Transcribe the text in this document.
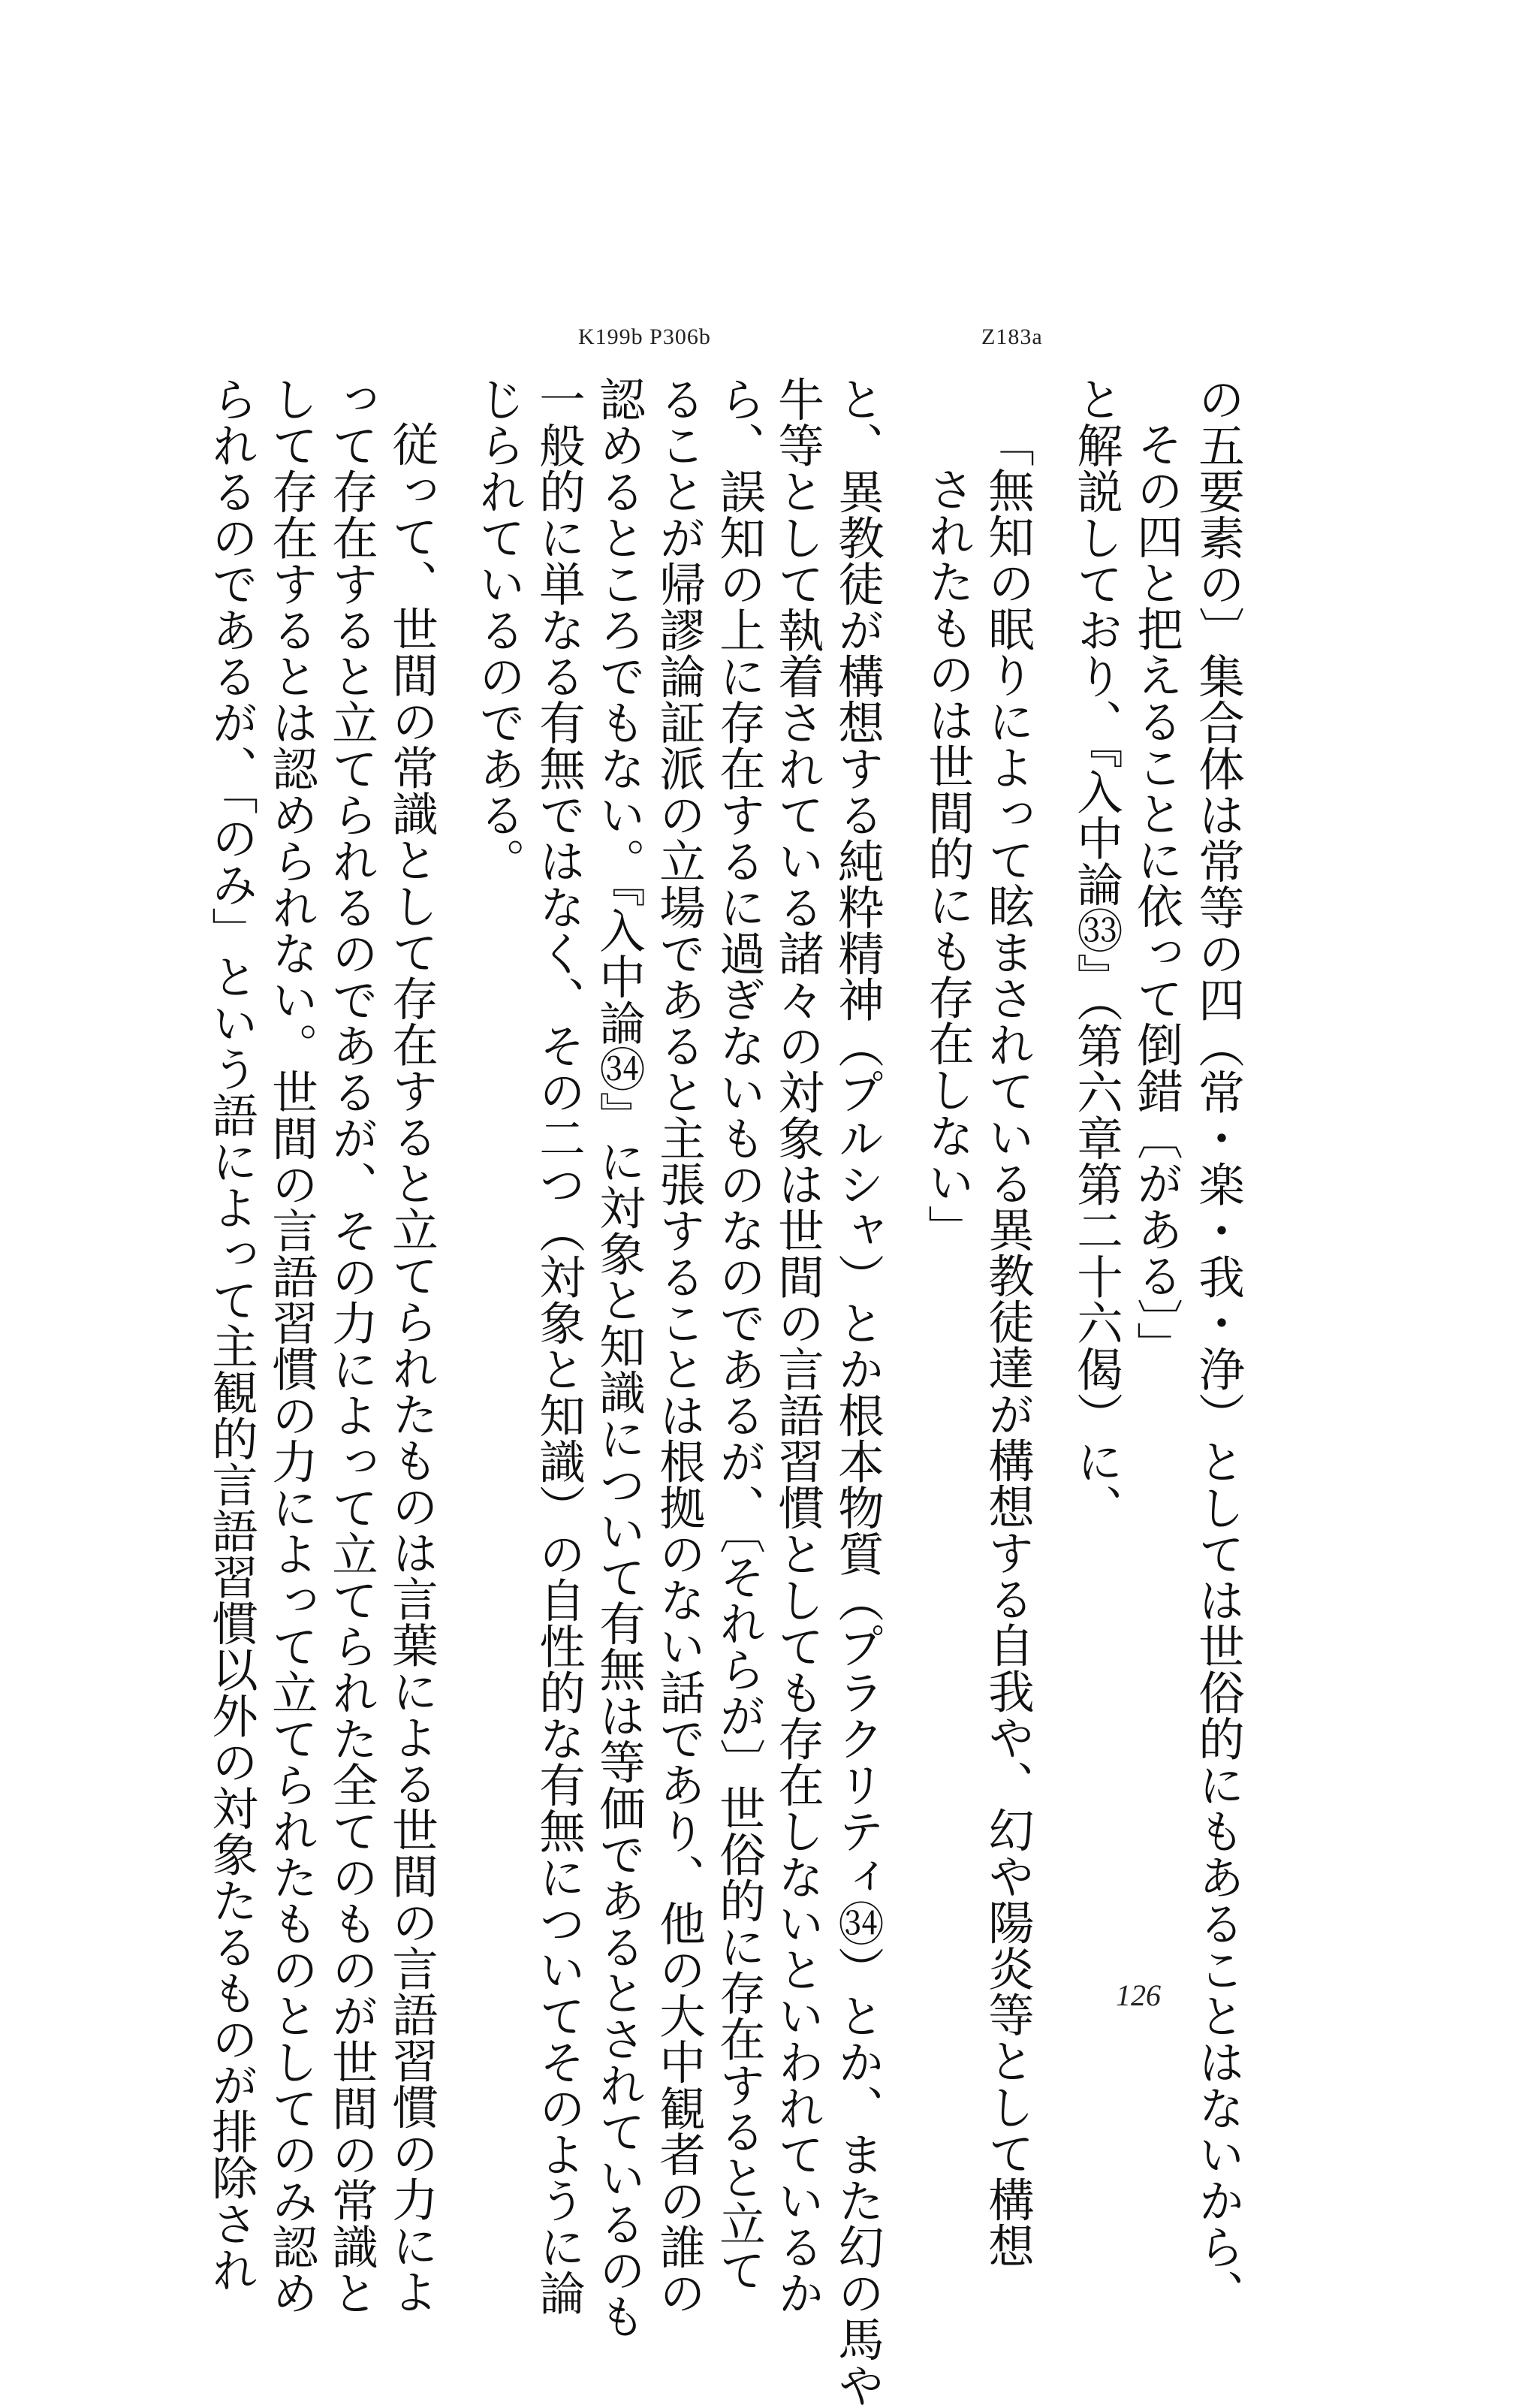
K199b P306b	Z183a
の五要素の〕集合体は常等の四（常・楽・我・浄）としては世俗的にもあることはないから、
その四と把えることに依って倒錯〔がある〕」
と解説しており、『入中論㉝』（第六章第二十六偈）に、
「無知の眠りによって眩まされている異教徒達が構想する自我や、幻や陽炎等として構想
されたものは世間的にも存在しない」
と、異教徒が構想する純粋精神（プルシャ）とか根本物質（プラクリティ㉞）とか、また幻の馬や
牛等として執着されている諸々の対象は世間の言語習慣としても存在しないといわれているか
ら、誤知の上に存在するに過ぎないものなのであるが、〔それらが〕世俗的に存在すると立て
ることが帰謬論証派の立場であると主張することは根拠のない話であり、他の大中観者の誰の
認めるところでもない。『入中論㉞』に対象と知識について有無は等価であるとされているのも
一般的に単なる有無ではなく、その二つ（対象と知識）の自性的な有無についてそのように論
じられているのである。
従って、世間の常識として存在すると立てられたものは言葉による世間の言語習慣の力によ
って存在すると立てられるのであるが、その力によって立てられた全てのものが世間の常識と
して存在するとは認められない。世間の言語習慣の力によって立てられたものとしてのみ認め
られるのであるが、「のみ」という語によって主観的言語習慣以外の対象たるものが排除され	126
